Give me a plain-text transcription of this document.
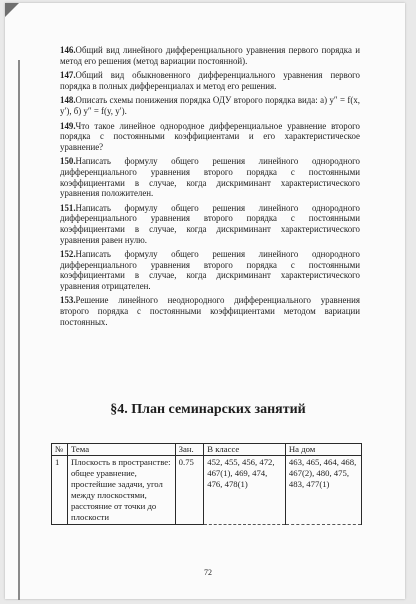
146.Общий вид линейного дифференциального уравнения первого порядка и метод его решения (метод вариации постоянной).
147.Общий вид обыкновенного дифференциального уравнения первого порядка в полных дифференциалах и метод его решения.
148.Описать схемы понижения порядка ОДУ второго порядка вида: а) y″ = f(x, y′), б) y″ = f(y, y′).
149.Что такое линейное однородное дифференциальное уравнение второго порядка с постоянными коэффициентами и его характеристическое уравнение?
150.Написать формулу общего решения линейного однородного дифференциального уравнения второго порядка с постоянными коэффициентами в случае, когда дискриминант характеристического уравнения положителен.
151.Написать формулу общего решения линейного однородного дифференциального уравнения второго порядка с постоянными коэффициентами в случае, когда дискриминант характеристического уравнения равен нулю.
152.Написать формулу общего решения линейного однородного дифференциального уравнения второго порядка с постоянными коэффициентами в случае, когда дискриминант характеристического уравнения отрицателен.
153.Решение линейного неоднородного дифференциального уравнения второго порядка с постоянными коэффициентами методом вариации постоянных.
§4. План семинарских занятий
№	Тема	Зан.	В классе	На дом
1	Плоскость в пространстве: общее уравнение, простейшие задачи, угол между плоскостями, расстояние от точки до плоскости	0.75	452, 455, 456, 472, 467(1), 469, 474, 476, 478(1)	463, 465, 464, 468, 467(2), 480, 475, 483, 477(1)
72
